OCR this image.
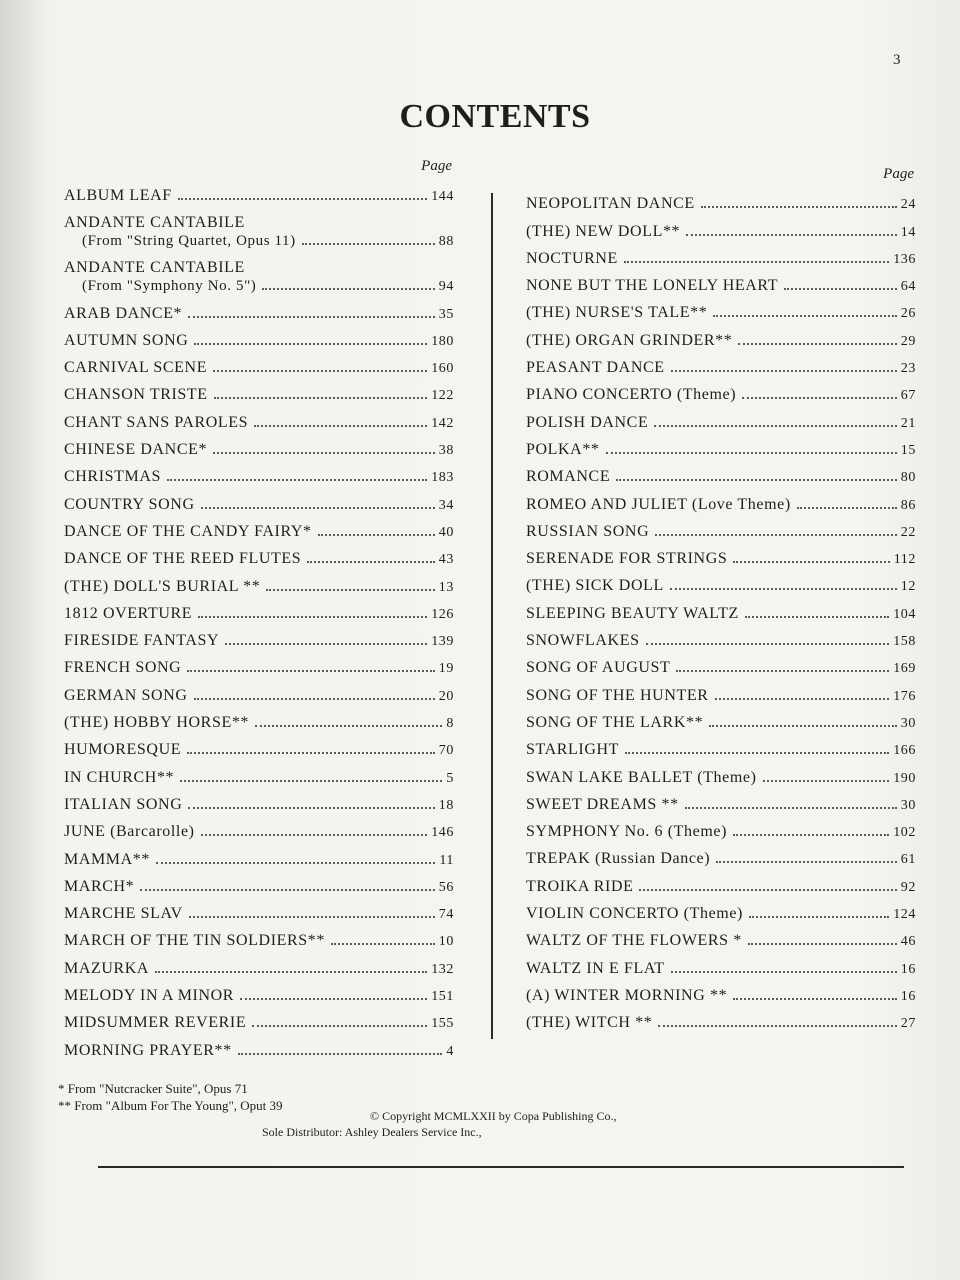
3
CONTENTS
Page
ALBUM LEAF	144
ANDANTE CANTABILE
(From "String Quartet, Opus 11)	88
ANDANTE CANTABILE
(From "Symphony No. 5")	94
ARAB DANCE*	35
AUTUMN SONG	180
CARNIVAL SCENE	160
CHANSON TRISTE	122
CHANT SANS PAROLES	142
CHINESE DANCE*	38
CHRISTMAS	183
COUNTRY SONG	34
DANCE OF THE CANDY FAIRY*	40
DANCE OF THE REED FLUTES	43
(THE) DOLL'S BURIAL **	13
1812 OVERTURE	126
FIRESIDE FANTASY	139
FRENCH SONG	19
GERMAN SONG	20
(THE) HOBBY HORSE**	8
HUMORESQUE	70
IN CHURCH**	5
ITALIAN SONG	18
JUNE (Barcarolle)	146
MAMMA**	11
MARCH*	56
MARCHE SLAV	74
MARCH OF THE TIN SOLDIERS**	10
MAZURKA	132
MELODY IN A MINOR	151
MIDSUMMER REVERIE	155
MORNING PRAYER**	4
Page
NEOPOLITAN DANCE	24
(THE) NEW DOLL**	14
NOCTURNE	136
NONE BUT THE LONELY HEART	64
(THE) NURSE'S TALE**	26
(THE) ORGAN GRINDER**	29
PEASANT DANCE	23
PIANO CONCERTO (Theme)	67
POLISH DANCE	21
POLKA**	15
ROMANCE	80
ROMEO AND JULIET (Love Theme)	86
RUSSIAN SONG	22
SERENADE FOR STRINGS	112
(THE) SICK DOLL	12
SLEEPING BEAUTY WALTZ	104
SNOWFLAKES	158
SONG OF AUGUST	169
SONG OF THE HUNTER	176
SONG OF THE LARK**	30
STARLIGHT	166
SWAN LAKE BALLET (Theme)	190
SWEET DREAMS **	30
SYMPHONY No. 6 (Theme)	102
TREPAK (Russian Dance)	61
TROIKA RIDE	92
VIOLIN CONCERTO (Theme)	124
WALTZ OF THE FLOWERS *	46
WALTZ IN E FLAT	16
(A) WINTER MORNING **	16
(THE) WITCH **	27
* From "Nutcracker Suite", Opus 71
** From "Album For The Young", Oput 39
© Copyright MCMLXXII by Copa Publishing Co.,
Sole Distributor: Ashley Dealers Service Inc.,
